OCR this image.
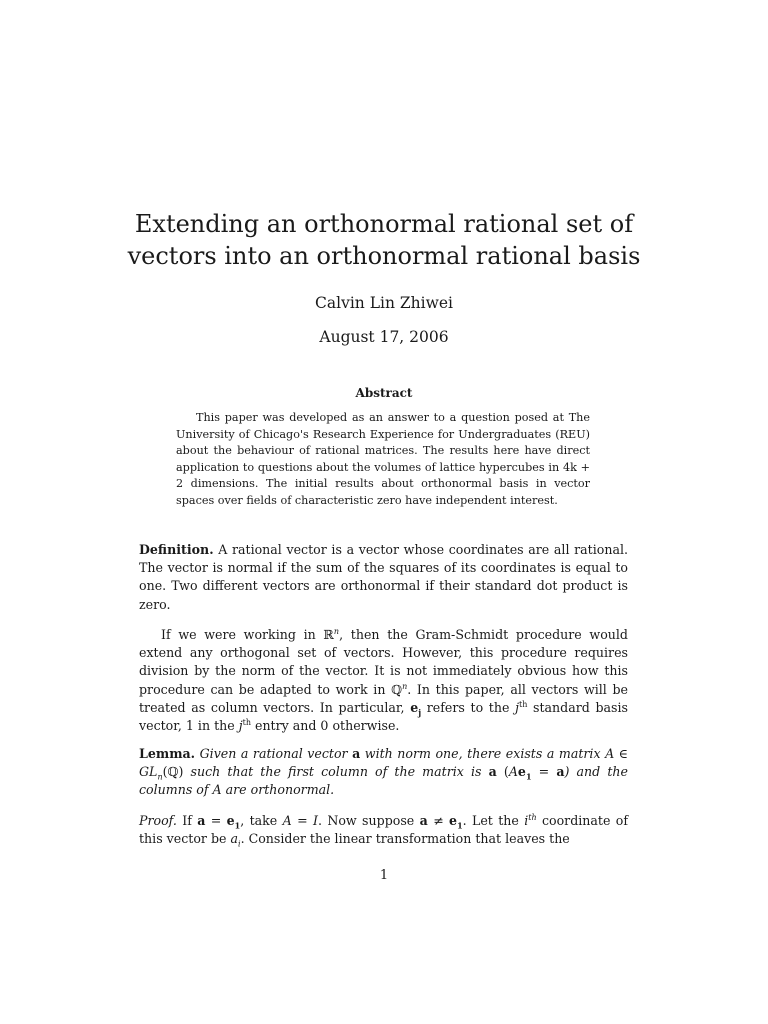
Extending an orthonormal rational set of
vectors into an orthonormal rational basis

Calvin Lin Zhiwei

August 17, 2006

Abstract

This paper was developed as an answer to a question posed at The University of Chicago's Research Experience for Undergraduates (REU) about the behaviour of rational matrices. The results here have direct application to questions about the volumes of lattice hypercubes in 4k + 2 dimensions. The initial results about orthonormal basis in vector spaces over fields of characteristic zero have independent interest.

Definition. A rational vector is a vector whose coordinates are all rational. The vector is normal if the sum of the squares of its coordinates is equal to one. Two different vectors are orthonormal if their standard dot product is zero.

If we were working in ℝ$^n$, then the Gram-Schmidt procedure would extend any orthogonal set of vectors. However, this procedure requires division by the norm of the vector. It is not immediately obvious how this procedure can be adapted to work in ℚ$^n$. In this paper, all vectors will be treated as column vectors. In particular, $e_j$ refers to the $j^{th}$ standard basis vector, 1 in the $j^{th}$ entry and 0 otherwise.

Lemma. Given a rational vector a with norm one, there exists a matrix A ∈ $GL_n(ℚ)$ such that the first column of the matrix is a $(Ae_1 = a)$ and the columns of A are orthonormal.

Proof. If $a = e_1$, take A = I. Now suppose $a \ne e_1$. Let the $i^{th}$ coordinate of this vector be $a_i$. Consider the linear transformation that leaves the

1
